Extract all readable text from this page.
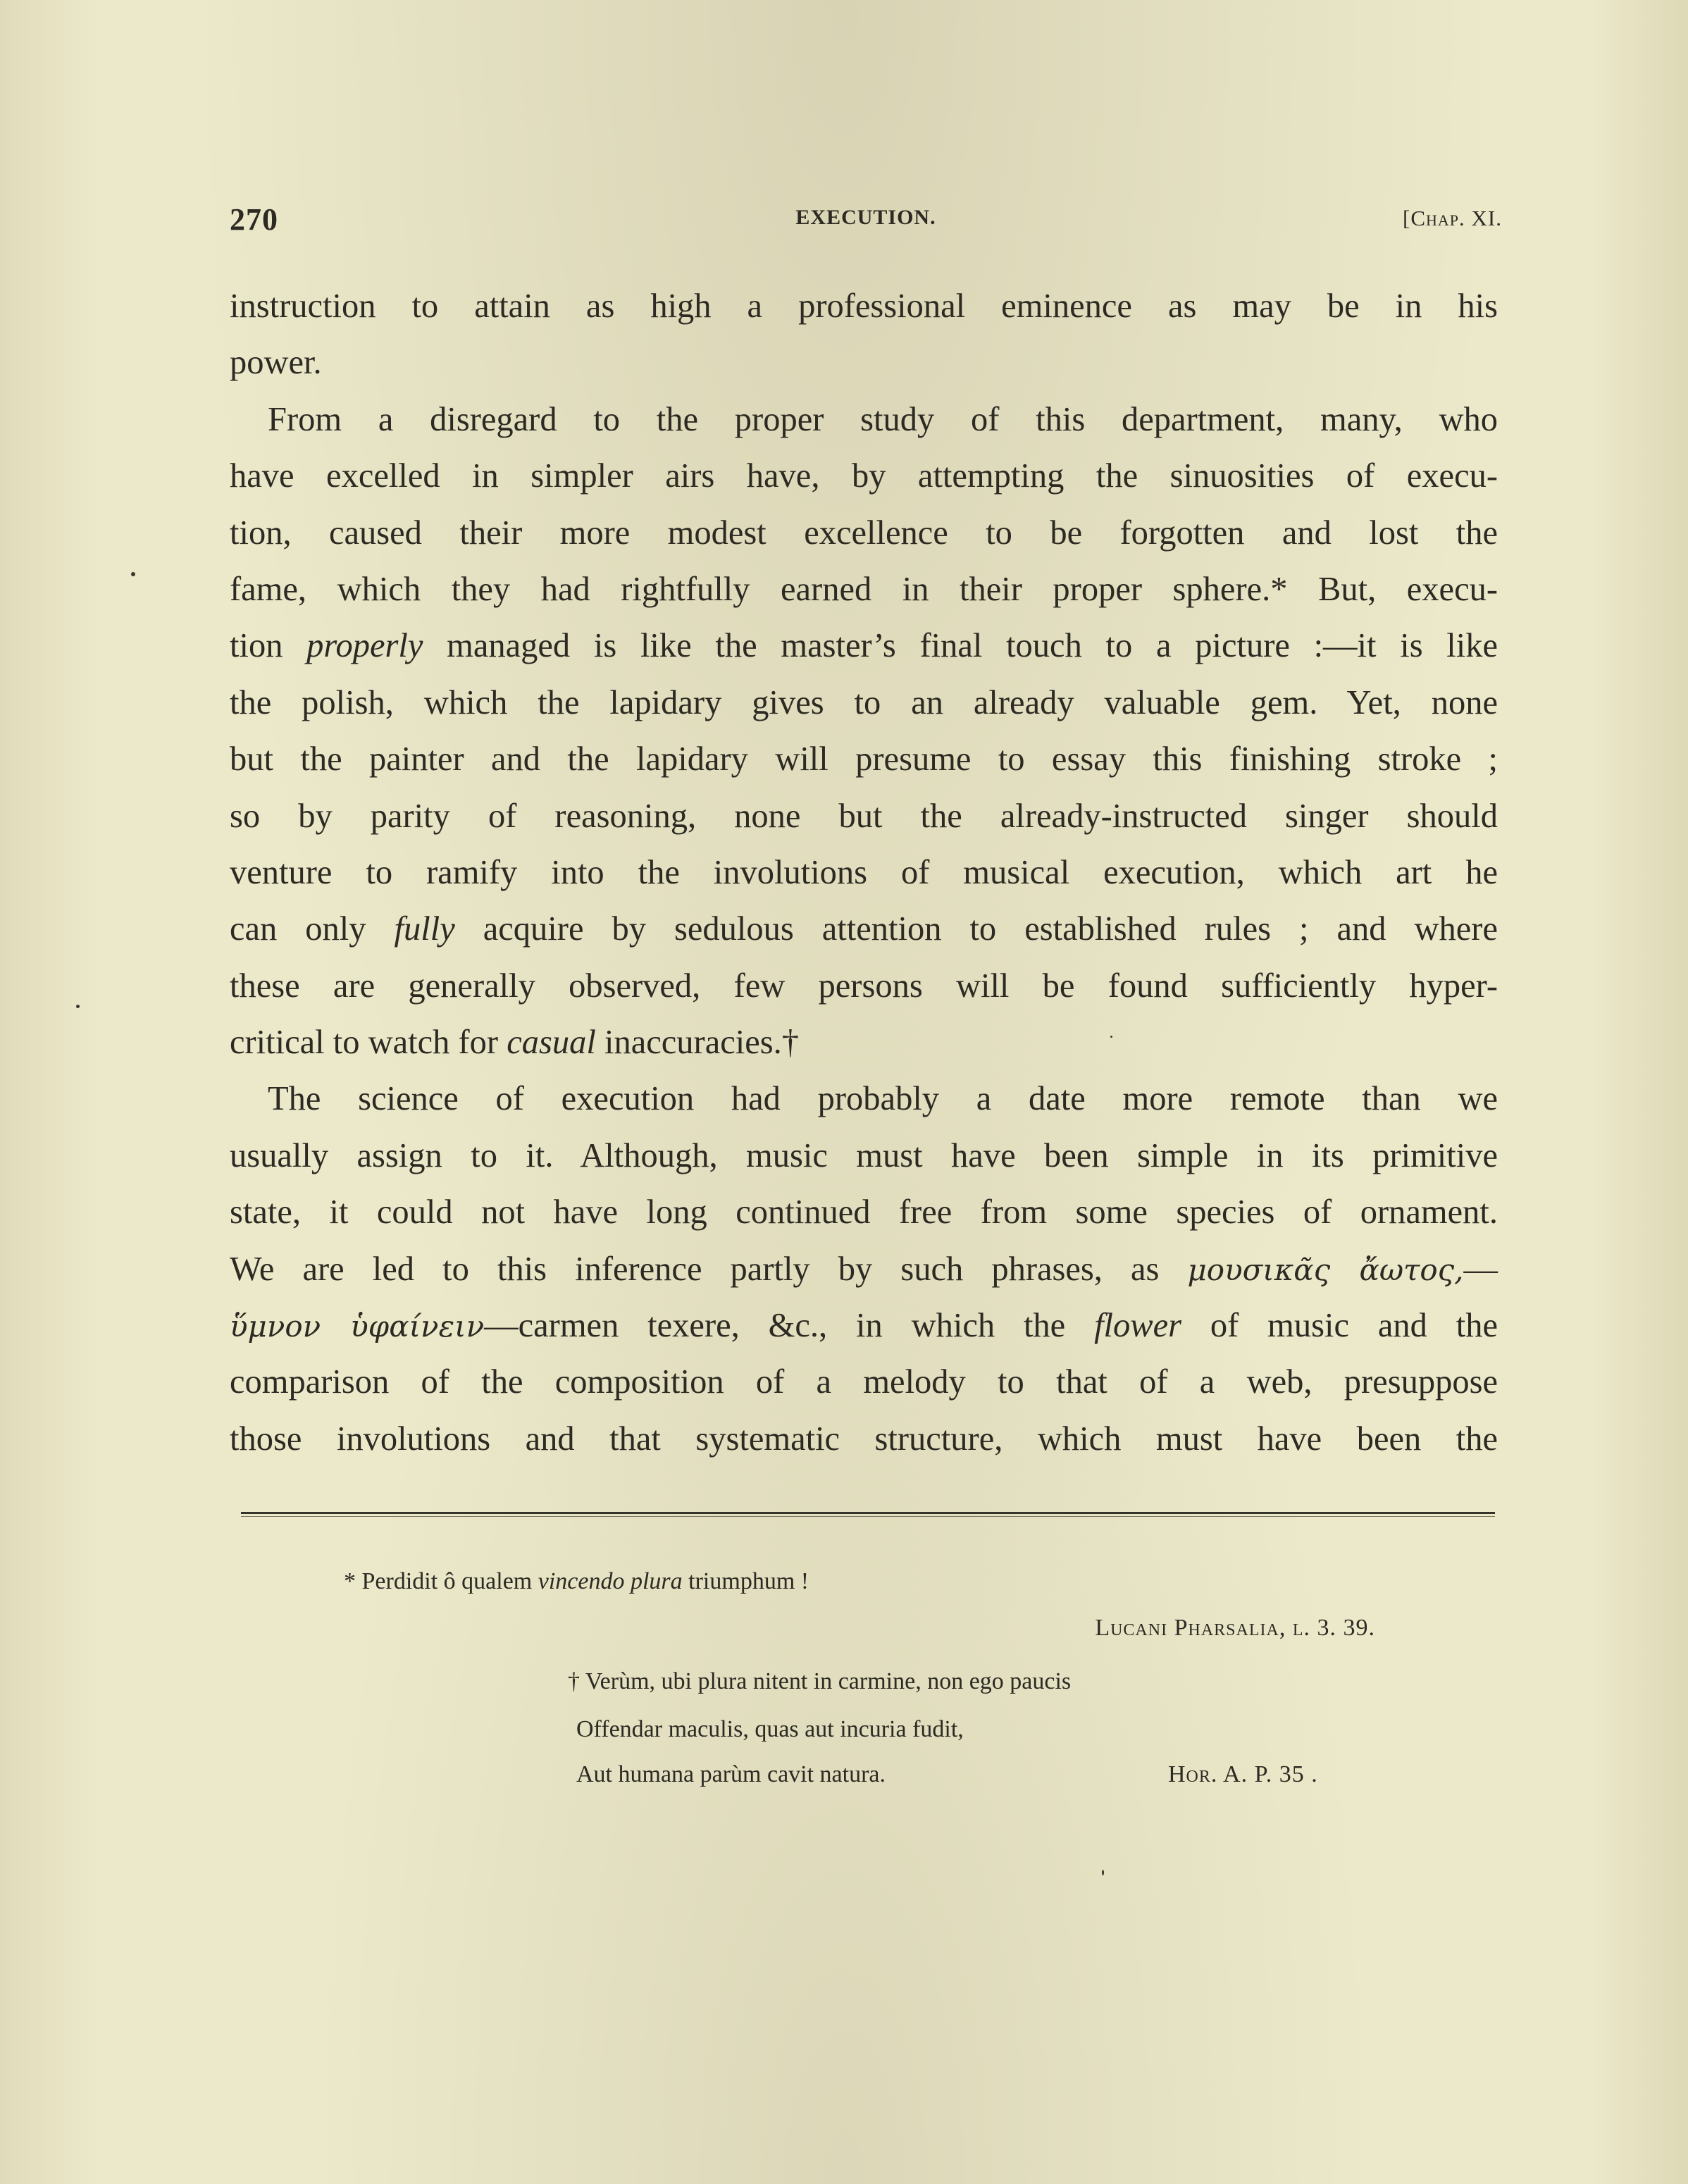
270	EXECUTION.	[Chap. XI.
instruction to attain as high a professional eminence as may be in his
power.
From a disregard to the proper study of this department, many, who
have excelled in simpler airs have, by attempting the sinuosities of execu-
tion, caused their more modest excellence to be forgotten and lost the
fame, which they had rightfully earned in their proper sphere.* But, execu-
tion properly managed is like the master’s final touch to a picture :—it is like
the polish, which the lapidary gives to an already valuable gem. Yet, none
but the painter and the lapidary will presume to essay this finishing stroke ;
so by parity of reasoning, none but the already-instructed singer should
venture to ramify into the involutions of musical execution, which art he
can only fully acquire by sedulous attention to established rules ; and where
these are generally observed, few persons will be found sufficiently hyper-
critical to watch for casual inaccuracies.†
The science of execution had probably a date more remote than we
usually assign to it. Although, music must have been simple in its primitive
state, it could not have long continued free from some species of ornament.
We are led to this inference partly by such phrases, as μουσικᾶς ἄωτος,—
ὕμνον ὑφαίνειν—carmen texere, &c., in which the flower of music and the
comparison of the composition of a melody to that of a web, presuppose
those involutions and that systematic structure, which must have been the
* Perdidit ô qualem vincendo plura triumphum !
Lucani Pharsalia, l. 3. 39.
† Verùm, ubi plura nitent in carmine, non ego paucis
Offendar maculis, quas aut incuria fudit,
Aut humana parùm cavit natura.	Hor. A. P. 35 .
